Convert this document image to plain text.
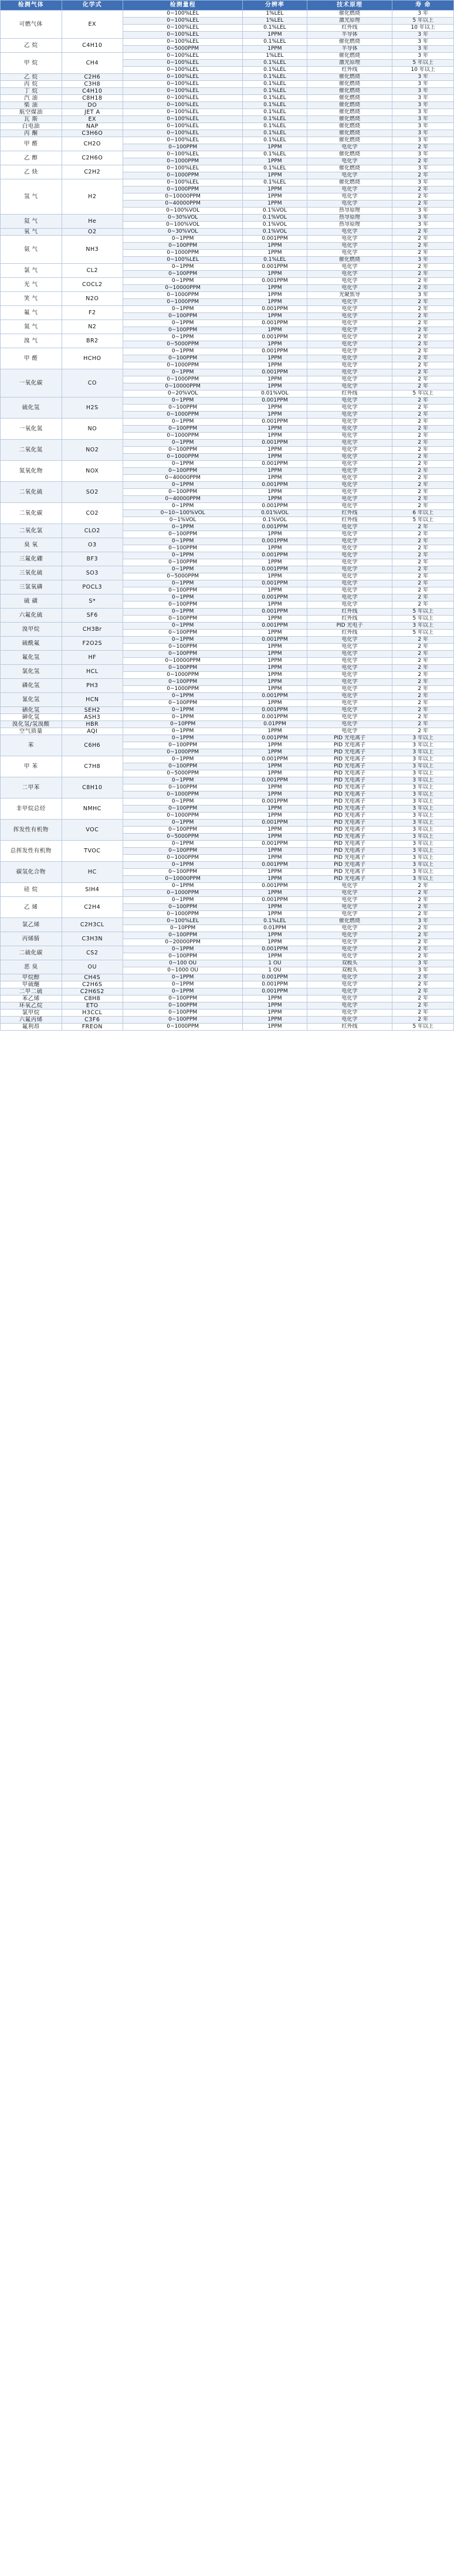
检测气体	化学式	检测量程	分辨率	技术原理	寿 命
可燃气体	EX	0~100%LEL	1%LEL	催化燃烧	3 年
		0~100%LEL	1%LEL	激光原理	5 年以上
		0~100%LEL	0.1%LEL	红外线	10 年以上
		0~100%LEL	1PPM	半导体	3 年
乙 烷	C4H10	0~100%LEL	0.1%LEL	催化燃烧	3 年
		0~5000PPM	1PPM	半导体	3 年
甲 烷	CH4	0~100%LEL	1%LEL	催化燃烧	3 年
		0~100%LEL	0.1%LEL	激光原理	5 年以上
		0~100%LEL	0.1%LEL	红外线	10 年以上
乙 烷	C2H6	0~100%LEL	0.1%LEL	催化燃烧	3 年
丙 烷	C3H8	0~100%LEL	0.1%LEL	催化燃烧	3 年
丁 烷	C4H10	0~100%LEL	0.1%LEL	催化燃烧	3 年
汽 油	C8H18	0~100%LEL	0.1%LEL	催化燃烧	3 年
柴 油	DO	0~100%LEL	0.1%LEL	催化燃烧	3 年
航空煤油	JET A	0~100%LEL	0.1%LEL	催化燃烧	3 年
瓦 斯	EX	0~100%LEL	0.1%LEL	催化燃烧	3 年
白电油	NAP	0~100%LEL	0.1%LEL	催化燃烧	3 年
丙 酮	C3H6O	0~100%LEL	0.1%LEL	催化燃烧	3 年
甲 醛	CH2O	0~100%LEL	0.1%LEL	催化燃烧	3 年
		0~100PPM	1PPM	电化学	2 年
乙 醇	C2H6O	0~100%LEL	0.1%LEL	催化燃烧	3 年
		0~1000PPM	1PPM	电化学	2 年
乙 炔	C2H2	0~100%LEL	0.1%LEL	催化燃烧	3 年
		0~1000PPM	1PPM	电化学	2 年
氢 气	H2	0~100%LEL	0.1%LEL	催化燃烧	3 年
		0~1000PPM	1PPM	电化学	2 年
		0~10000PPM	1PPM	电化学	2 年
		0~40000PPM	1PPM	电化学	2 年
		0~100%VOL	0.1%VOL	热导原理	3 年
氦 气	He	0~30%VOL	0.1%VOL	热导原理	3 年
		0~100%VOL	0.1%VOL	热导原理	3 年
氧 气	O2	0~30%VOL	0.1%VOL	电化学	2 年
氨 气	NH3	0~1PPM	0.001PPM	电化学	2 年
		0~100PPM	1PPM	电化学	2 年
		0~1000PPM	1PPM	电化学	2 年
		0~100%LEL	0.1%LEL	催化燃烧	3 年
氯 气	CL2	0~1PPM	0.001PPM	电化学	2 年
		0~100PPM	1PPM	电化学	2 年
光 气	COCL2	0~1PPM	0.001PPM	电化学	2 年
		0~10000PPM	1PPM	电化学	2 年
笑 气	N2O	0~1000PPM	1PPM	光聚焦导	3 年
		0~1000PPM	1PPM	电化学	2 年
氟 气	F2	0~1PPM	0.001PPM	电化学	2 年
		0~100PPM	1PPM	电化学	2 年
氮 气	N2	0~1PPM	0.001PPM	电化学	2 年
		0~100PPM	1PPM	电化学	2 年
溴 气	BR2	0~1PPM	0.001PPM	电化学	2 年
		0~5000PPM	1PPM	电化学	2 年
甲 醛	HCHO	0~1PPM	0.001PPM	电化学	2 年
		0~100PPM	1PPM	电化学	2 年
		0~1000PPM	1PPM	电化学	2 年
一氧化碳	CO	0~1PPM	0.001PPM	电化学	2 年
		0~1000PPM	1PPM	电化学	2 年
		0~10000PPM	1PPM	电化学	2 年
		0~20%VOL	0.01%VOL	红外线	5 年以上
硫化氢	H2S	0~1PPM	0.001PPM	电化学	2 年
		0~100PPM	1PPM	电化学	2 年
		0~1000PPM	1PPM	电化学	2 年
一氧化氮	NO	0~1PPM	0.001PPM	电化学	2 年
		0~100PPM	1PPM	电化学	2 年
		0~1000PPM	1PPM	电化学	2 年
二氧化氮	NO2	0~1PPM	0.001PPM	电化学	2 年
		0~100PPM	1PPM	电化学	2 年
		0~1000PPM	1PPM	电化学	2 年
氮氧化物	NOX	0~1PPM	0.001PPM	电化学	2 年
		0~100PPM	1PPM	电化学	2 年
		0~40000PPM	1PPM	电化学	2 年
二氧化硫	SO2	0~1PPM	0.001PPM	电化学	2 年
		0~100PPM	1PPM	电化学	2 年
		0~40000PPM	1PPM	电化学	2 年
二氧化碳	CO2	0~1PPM	0.001PPM	电化学	2 年
		0~10~100%VOL	0.01%VOL	红外线	6 年以上
		0~1%VOL	0.1%VOL	红外线	5 年以上
二氧化氯	CLO2	0~1PPM	0.001PPM	电化学	2 年
		0~100PPM	1PPM	电化学	2 年
臭 氧	O3	0~1PPM	0.001PPM	电化学	2 年
		0~100PPM	1PPM	电化学	2 年
三氟化硼	BF3	0~1PPM	0.001PPM	电化学	2 年
		0~100PPM	1PPM	电化学	2 年
三氧化硫	SO3	0~1PPM	0.001PPM	电化学	2 年
		0~5000PPM	1PPM	电化学	2 年
三氯氧磷	POCL3	0~1PPM	0.001PPM	电化学	2 年
		0~100PPM	1PPM	电化学	2 年
硫 磺	S*	0~1PPM	0.001PPM	电化学	2 年
		0~100PPM	1PPM	电化学	2 年
六氟化硫	SF6	0~1PPM	0.001PPM	红外线	5 年以上
		0~100PPM	1PPM	红外线	5 年以上
溴甲烷	CH3Br	0~1PPM	0.001PPM	PID 光电子	3 年以上
		0~100PPM	1PPM	红外线	5 年以上
硫酰氟	F2O2S	0~1PPM	0.001PPM	电化学	2 年
		0~100PPM	1PPM	电化学	2 年
氟化氢	HF	0~100PPM	1PPM	电化学	2 年
		0~10000PPM	1PPM	电化学	2 年
氯化氢	HCL	0~100PPM	1PPM	电化学	2 年
		0~1000PPM	1PPM	电化学	2 年
磷化氢	PH3	0~100PPM	1PPM	电化学	2 年
		0~1000PPM	1PPM	电化学	2 年
氰化氢	HCN	0~1PPM	0.001PPM	电化学	2 年
		0~100PPM	1PPM	电化学	2 年
硒化氢	SEH2	0~1PPM	0.001PPM	电化学	2 年
砷化氢	ASH3	0~1PPM	0.001PPM	电化学	2 年
溴化氢/氢溴酸	HBR	0~10PPM	0.01PPM	电化学	2 年
空气质量	AQI	0~1PPM	1PPM	电化学	2 年
苯	C6H6	0~1PPM	0.001PPM	PID 光电离子	3 年以上
		0~100PPM	1PPM	PID 光电离子	3 年以上
		0~1000PPM	1PPM	PID 光电离子	3 年以上
甲 苯	C7H8	0~1PPM	0.001PPM	PID 光电离子	3 年以上
		0~100PPM	1PPM	PID 光电离子	3 年以上
		0~5000PPM	1PPM	PID 光电离子	3 年以上
二甲苯	C8H10	0~1PPM	0.001PPM	PID 光电离子	3 年以上
		0~100PPM	1PPM	PID 光电离子	3 年以上
		0~1000PPM	1PPM	PID 光电离子	3 年以上
非甲烷总烃	NMHC	0~1PPM	0.001PPM	PID 光电离子	3 年以上
		0~100PPM	1PPM	PID 光电离子	3 年以上
		0~1000PPM	1PPM	PID 光电离子	3 年以上
挥发性有机物	VOC	0~1PPM	0.001PPM	PID 光电离子	3 年以上
		0~100PPM	1PPM	PID 光电离子	3 年以上
		0~5000PPM	1PPM	PID 光电离子	3 年以上
总挥发性有机物	TVOC	0~1PPM	0.001PPM	PID 光电离子	3 年以上
		0~100PPM	1PPM	PID 光电离子	3 年以上
		0~1000PPM	1PPM	PID 光电离子	3 年以上
碳氢化合物	HC	0~1PPM	0.001PPM	PID 光电离子	3 年以上
		0~100PPM	1PPM	PID 光电离子	3 年以上
		0~10000PPM	1PPM	PID 光电离子	3 年以上
硅 烷	SIH4	0~1PPM	0.001PPM	电化学	2 年
		0~1000PPM	1PPM	电化学	2 年
乙 烯	C2H4	0~1PPM	0.001PPM	电化学	2 年
		0~100PPM	1PPM	电化学	2 年
		0~1000PPM	1PPM	电化学	2 年
氯乙烯	C2H3CL	0~100%LEL	0.1%LEL	催化燃烧	3 年
		0~10PPM	0.01PPM	电化学	2 年
丙烯腈	C3H3N	0~100PPM	1PPM	电化学	2 年
		0~20000PPM	1PPM	电化学	2 年
二硫化碳	CS2	0~1PPM	0.001PPM	电化学	2 年
		0~100PPM	1PPM	电化学	2 年
恶 臭	OU	0~100 OU	1 OU	双极头	3 年
		0~1000 OU	1 OU	双极头	3 年
甲烷醇	CH4S	0~1PPM	0.001PPM	电化学	2 年
甲硫醚	C2H6S	0~1PPM	0.001PPM	电化学	2 年
二甲二硫	C2H6S2	0~1PPM	0.001PPM	电化学	2 年
苯乙烯	C8H8	0~100PPM	1PPM	电化学	2 年
环氧乙烷	ETO	0~100PPM	1PPM	电化学	2 年
氯甲烷	H3CCL	0~100PPM	1PPM	电化学	2 年
六氟丙烯	C3F6	0~100PPM	1PPM	电化学	2 年
氟利昂	FREON	0~1000PPM	1PPM	红外线	5 年以上
